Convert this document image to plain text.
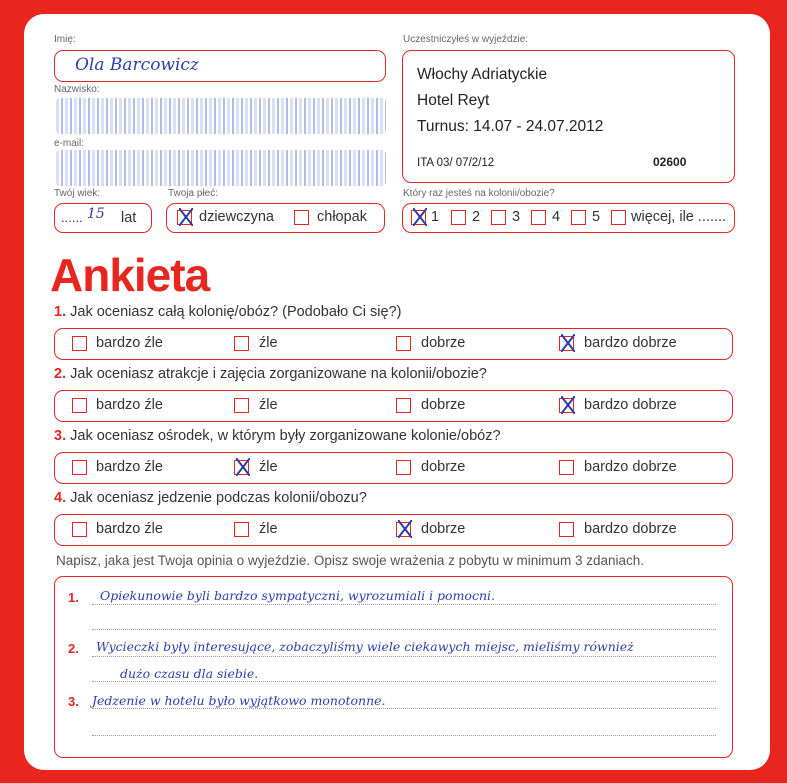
Imię:
Ola Barcowicz
Nazwisko:
e-mail:
Twój wiek:
...... 15 lat
Twoja płeć:
dziewczyna	chłopak
Uczestniczyłeś w wyjeździe:
Włochy Adriatyckie
Hotel Reyt
Turnus: 14.07 - 24.07.2012
ITA 03/ 07/2/12	02600
Który raz jesteś na kolonii/obozie?
1 2 3 4 5 więcej, ile .......
Ankieta
1. Jak oceniasz całą kolonię/obóz? (Podobało Ci się?)
bardzo źle	źle	dobrze	bardzo dobrze
2. Jak oceniasz atrakcje i zajęcia zorganizowane na kolonii/obozie?
bardzo źle	źle	dobrze	bardzo dobrze
3. Jak oceniasz ośrodek, w którym były zorganizowane kolonie/obóz?
bardzo źle	źle	dobrze	bardzo dobrze
4. Jak oceniasz jedzenie podczas kolonii/obozu?
bardzo źle	źle	dobrze	bardzo dobrze
Napisz, jaka jest Twoja opinia o wyjeździe. Opisz swoje wrażenia z pobytu w minimum 3 zdaniach.
1. Opiekunowie byli bardzo sympatyczni, wyrozumiali i pomocni.
2. Wycieczki były interesujące, zobaczyliśmy wiele ciekawych miejsc, mieliśmy również
dużo czasu dla siebie.
3. Jedzenie w hotelu było wyjątkowo monotonne.
